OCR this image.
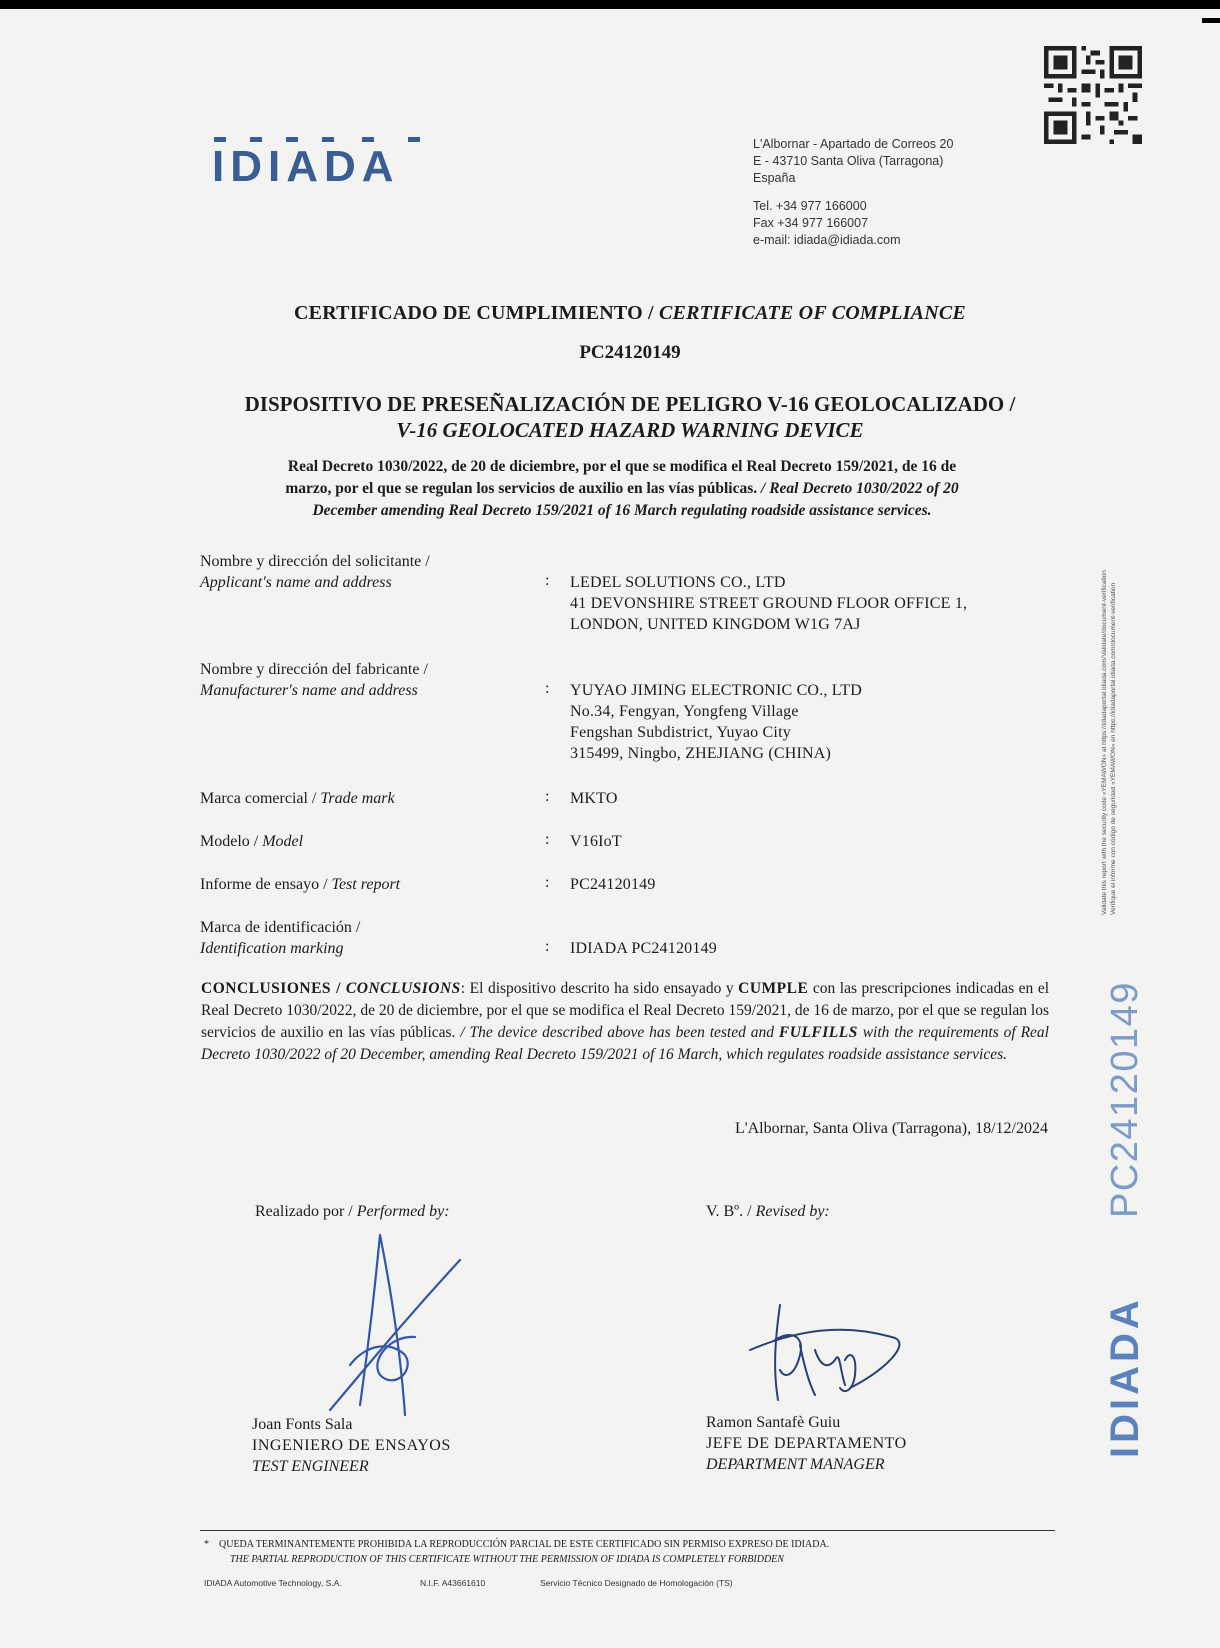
IDIADA	L'Albornar - Apartado de Correos 20
E - 43710 Santa Oliva (Tarragona)
España
Tel. +34 977 166000
Fax +34 977 166007
e-mail: idiada@idiada.com
CERTIFICADO DE CUMPLIMIENTO / CERTIFICATE OF COMPLIANCE
PC24120149
DISPOSITIVO DE PRESEÑALIZACIÓN DE PELIGRO V-16 GEOLOCALIZADO /
V-16 GEOLOCATED HAZARD WARNING DEVICE
Real Decreto 1030/2022, de 20 de diciembre, por el que se modifica el Real Decreto 159/2021, de 16 de
marzo, por el que se regulan los servicios de auxilio en las vías públicas. / Real Decreto 1030/2022 of 20
December amending Real Decreto 159/2021 of 16 March regulating roadside assistance services.
Nombre y dirección del solicitante /
Applicant's name and address	: LEDEL SOLUTIONS CO., LTD
41 DEVONSHIRE STREET GROUND FLOOR OFFICE 1,
LONDON, UNITED KINGDOM W1G 7AJ
Nombre y dirección del fabricante /
Manufacturer's name and address	: YUYAO JIMING ELECTRONIC CO., LTD
No.34, Fengyan, Yongfeng Village
Fengshan Subdistrict, Yuyao City
315499, Ningbo, ZHEJIANG (CHINA)
Marca comercial / Trade mark	: MKTO
Modelo / Model	: V16IoT
Informe de ensayo / Test report	: PC24120149
Marca de identificación /
Identification marking	: IDIADA PC24120149
CONCLUSIONES / CONCLUSIONS: El dispositivo descrito ha sido ensayado y CUMPLE con las prescripciones indicadas en el Real Decreto 1030/2022, de 20 de diciembre, por el que se modifica el Real Decreto 159/2021, de 16 de marzo, por el que se regulan los servicios de auxilio en las vías públicas. / The device described above has been tested and FULFILLS with the requirements of Real Decreto 1030/2022 of 20 December, amending Real Decreto 159/2021 of 16 March, which regulates roadside assistance services.
L'Albornar, Santa Oliva (Tarragona), 18/12/2024
Realizado por / Performed by:	V. Bº. / Revised by:
Joan Fonts Sala
INGENIERO DE ENSAYOS
TEST ENGINEER
Ramon Santafè Guiu
JEFE DE DEPARTAMENTO
DEPARTMENT MANAGER
* QUEDA TERMINANTEMENTE PROHIBIDA LA REPRODUCCIÓN PARCIAL DE ESTE CERTIFICADO SIN PERMISO EXPRESO DE IDIADA.
THE PARTIAL REPRODUCTION OF THIS CERTIFICATE WITHOUT THE PERMISSION OF IDIADA IS COMPLETELY FORBIDDEN
IDIADA Automotive Technology, S.A.	N.I.F. A43661610	Servicio Técnico Designado de Homologación (TS)
Validate this report with the security code «YEMAWON» at https://idiadaportal.idiada.com/Validate/document-verification Verifique el informe con código de seguridad «YEMAWON» en https://idiadaportal.idiada.com/document-verification
PC24120149
IDIADA
